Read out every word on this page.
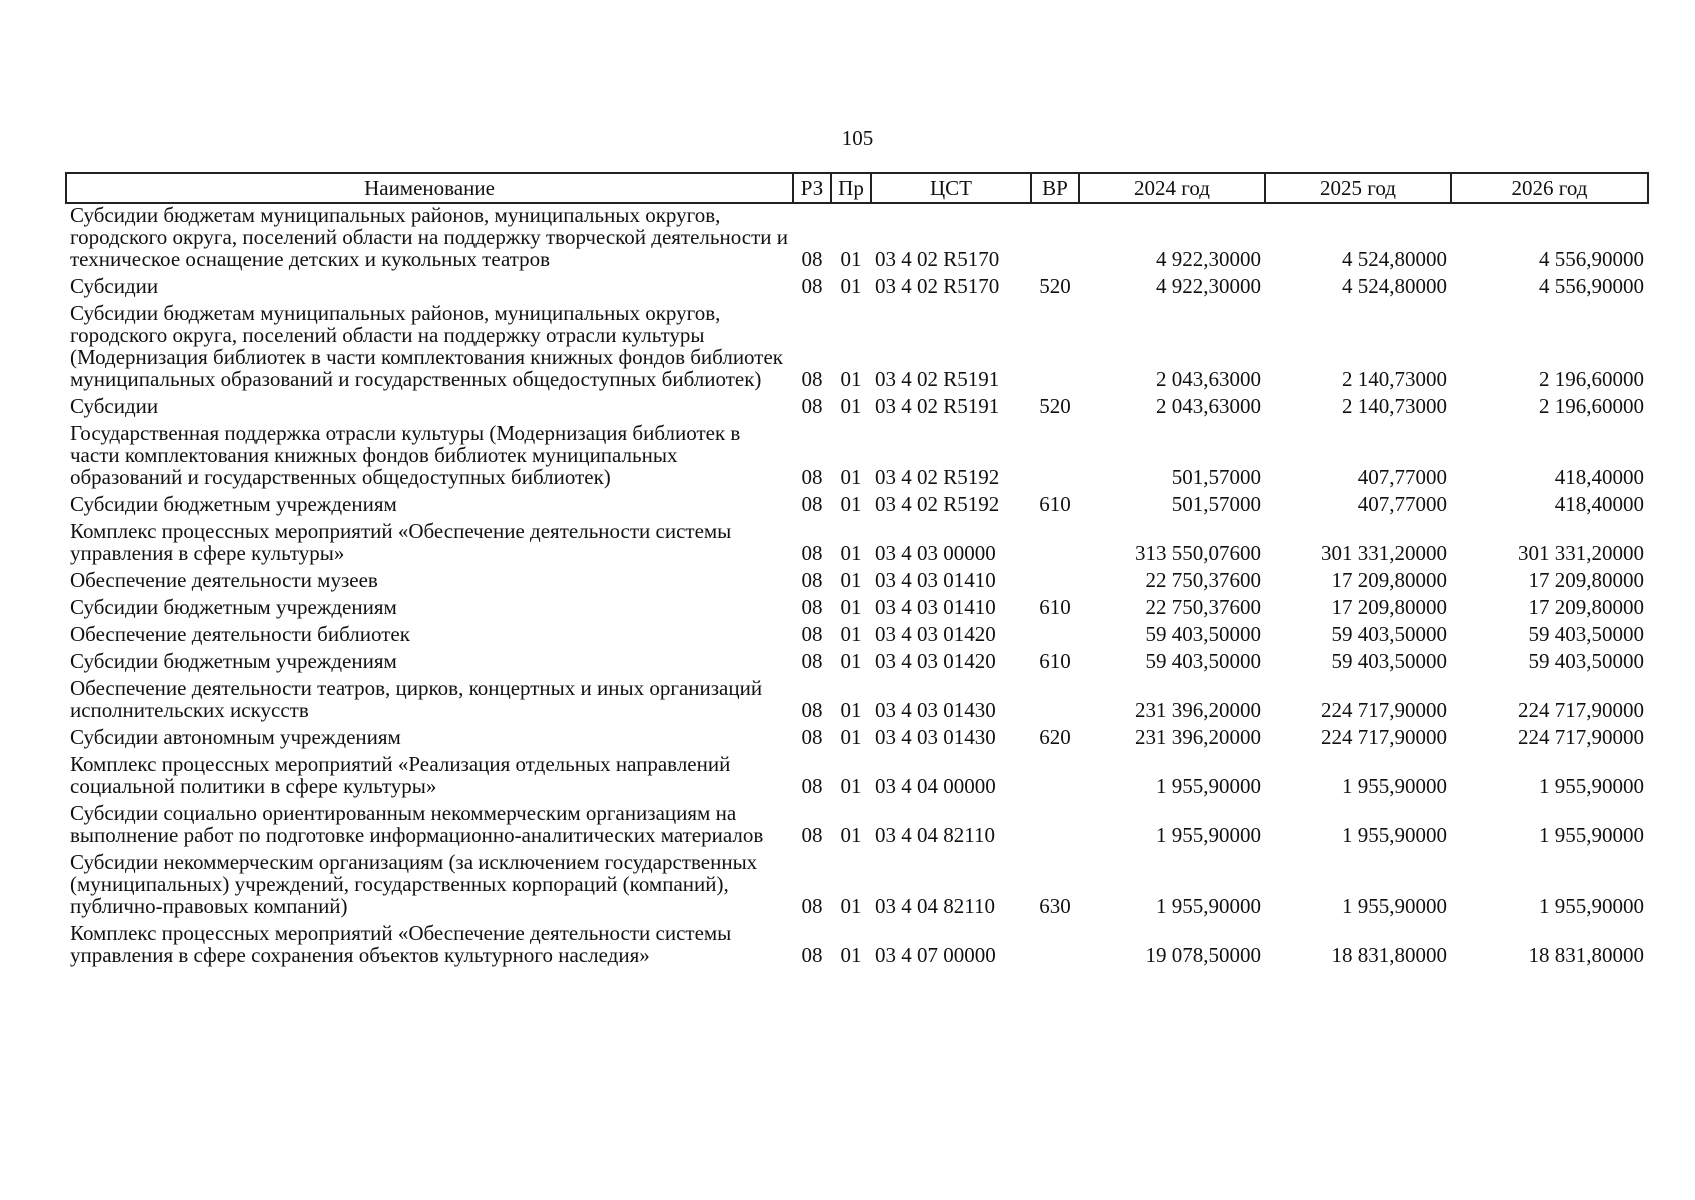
105
Наименование	РЗ	Пр	ЦСТ	ВР	2024 год	2025 год	2026 год
Субсидии бюджетам муниципальных районов, муниципальных округов, городского округа, поселений области на поддержку творческой деятельности и техническое оснащение детских и кукольных театров	08	01	03 4 02 R5170		4 922,30000	4 524,80000	4 556,90000
Субсидии	08	01	03 4 02 R5170	520	4 922,30000	4 524,80000	4 556,90000
Субсидии бюджетам муниципальных районов, муниципальных округов, городского округа, поселений области на поддержку отрасли культуры (Модернизация библиотек в части комплектования книжных фондов библиотек муниципальных образований и государственных общедоступных библиотек)	08	01	03 4 02 R5191		2 043,63000	2 140,73000	2 196,60000
Субсидии	08	01	03 4 02 R5191	520	2 043,63000	2 140,73000	2 196,60000
Государственная поддержка отрасли культуры (Модернизация библиотек в части комплектования книжных фондов библиотек муниципальных образований и государственных общедоступных библиотек)	08	01	03 4 02 R5192		501,57000	407,77000	418,40000
Субсидии бюджетным учреждениям	08	01	03 4 02 R5192	610	501,57000	407,77000	418,40000
Комплекс процессных мероприятий «Обеспечение деятельности системы управления в сфере культуры»	08	01	03 4 03 00000		313 550,07600	301 331,20000	301 331,20000
Обеспечение деятельности музеев	08	01	03 4 03 01410		22 750,37600	17 209,80000	17 209,80000
Субсидии бюджетным учреждениям	08	01	03 4 03 01410	610	22 750,37600	17 209,80000	17 209,80000
Обеспечение деятельности библиотек	08	01	03 4 03 01420		59 403,50000	59 403,50000	59 403,50000
Субсидии бюджетным учреждениям	08	01	03 4 03 01420	610	59 403,50000	59 403,50000	59 403,50000
Обеспечение деятельности театров, цирков, концертных и иных организаций исполнительских искусств	08	01	03 4 03 01430		231 396,20000	224 717,90000	224 717,90000
Субсидии автономным учреждениям	08	01	03 4 03 01430	620	231 396,20000	224 717,90000	224 717,90000
Комплекс процессных мероприятий «Реализация отдельных направлений социальной политики в сфере культуры»	08	01	03 4 04 00000		1 955,90000	1 955,90000	1 955,90000
Субсидии социально ориентированным некоммерческим организациям на выполнение работ по подготовке информационно-аналитических материалов	08	01	03 4 04 82110		1 955,90000	1 955,90000	1 955,90000
Субсидии некоммерческим организациям (за исключением государственных (муниципальных) учреждений, государственных корпораций (компаний), публично-правовых компаний)	08	01	03 4 04 82110	630	1 955,90000	1 955,90000	1 955,90000
Комплекс процессных мероприятий «Обеспечение деятельности системы управления в сфере сохранения объектов культурного наследия»	08	01	03 4 07 00000		19 078,50000	18 831,80000	18 831,80000
